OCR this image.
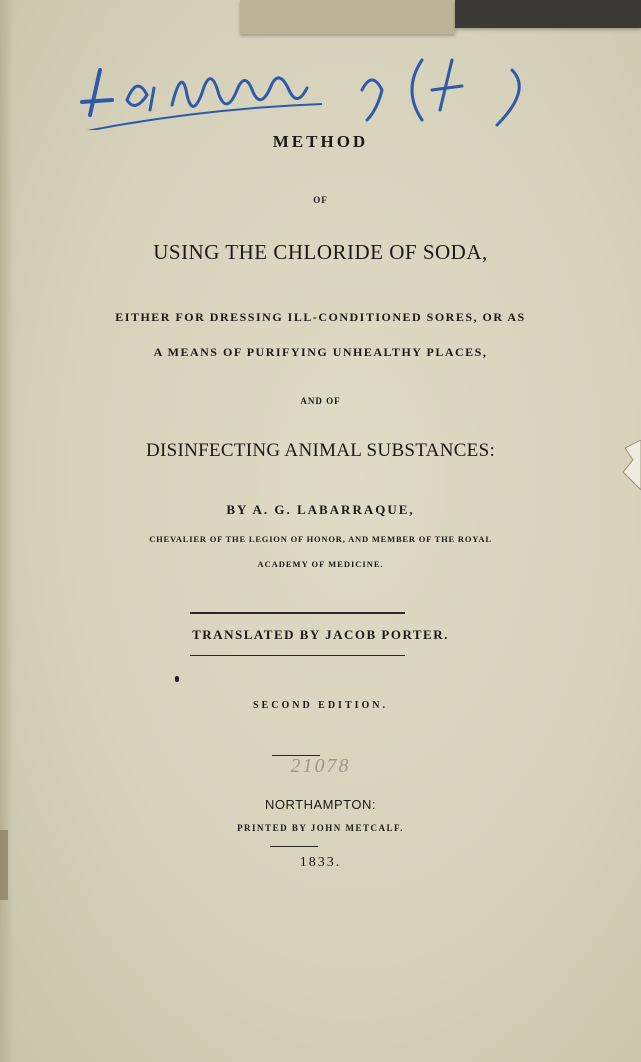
METHOD
OF
USING THE CHLORIDE OF SODA,
EITHER FOR DRESSING ILL-CONDITIONED SORES, OR AS
A MEANS OF PURIFYING UNHEALTHY PLACES,
AND OF
DISINFECTING ANIMAL SUBSTANCES:
BY A. G. LABARRAQUE,
CHEVALIER OF THE LEGION OF HONOR, AND MEMBER OF THE ROYAL
ACADEMY OF MEDICINE.
TRANSLATED BY JACOB PORTER.
SECOND EDITION.
21078
NORTHAMPTON:
PRINTED BY JOHN METCALF.
1833.
